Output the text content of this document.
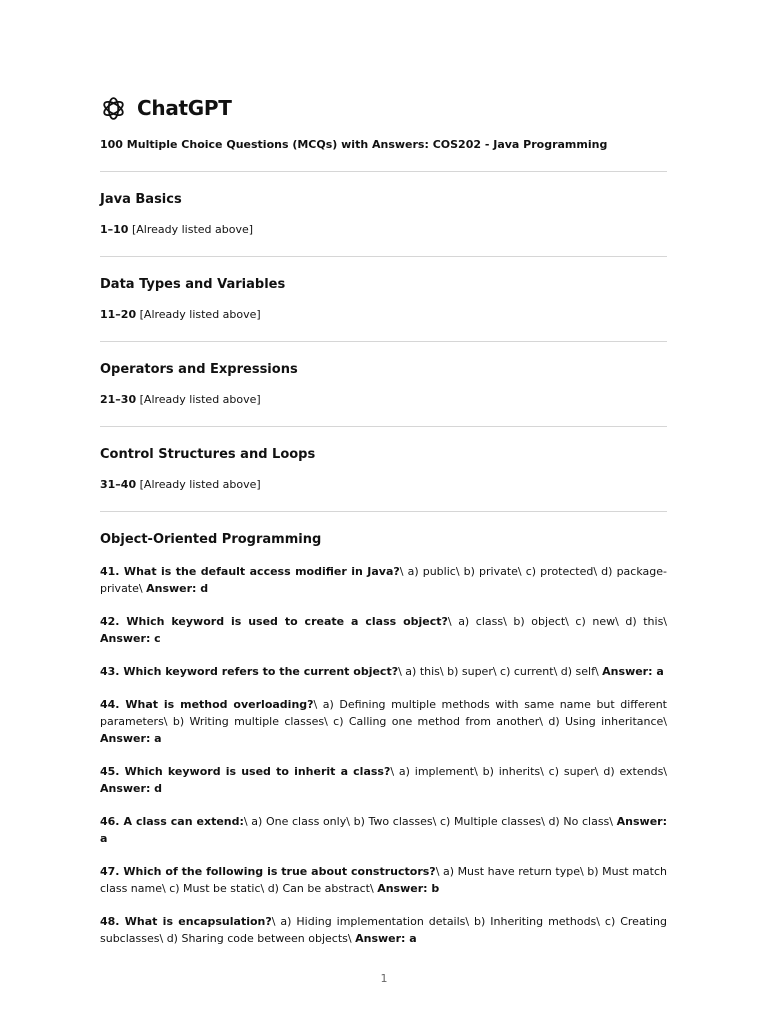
ChatGPT
100 Multiple Choice Questions (MCQs) with Answers: COS202 - Java Programming
Java Basics
1–10 [Already listed above]
Data Types and Variables
11–20 [Already listed above]
Operators and Expressions
21–30 [Already listed above]
Control Structures and Loops
31–40 [Already listed above]
Object-Oriented Programming
41. What is the default access modifier in Java?\ a) public\ b) private\ c) protected\ d) package-private\ Answer: d
42. Which keyword is used to create a class object?\ a) class\ b) object\ c) new\ d) this\ Answer: c
43. Which keyword refers to the current object?\ a) this\ b) super\ c) current\ d) self\ Answer: a
44. What is method overloading?\ a) Defining multiple methods with same name but different parameters\ b) Writing multiple classes\ c) Calling one method from another\ d) Using inheritance\ Answer: a
45. Which keyword is used to inherit a class?\ a) implement\ b) inherits\ c) super\ d) extends\ Answer: d
46. A class can extend:\ a) One class only\ b) Two classes\ c) Multiple classes\ d) No class\ Answer: a
47. Which of the following is true about constructors?\ a) Must have return type\ b) Must match class name\ c) Must be static\ d) Can be abstract\ Answer: b
48. What is encapsulation?\ a) Hiding implementation details\ b) Inheriting methods\ c) Creating subclasses\ d) Sharing code between objects\ Answer: a
1
